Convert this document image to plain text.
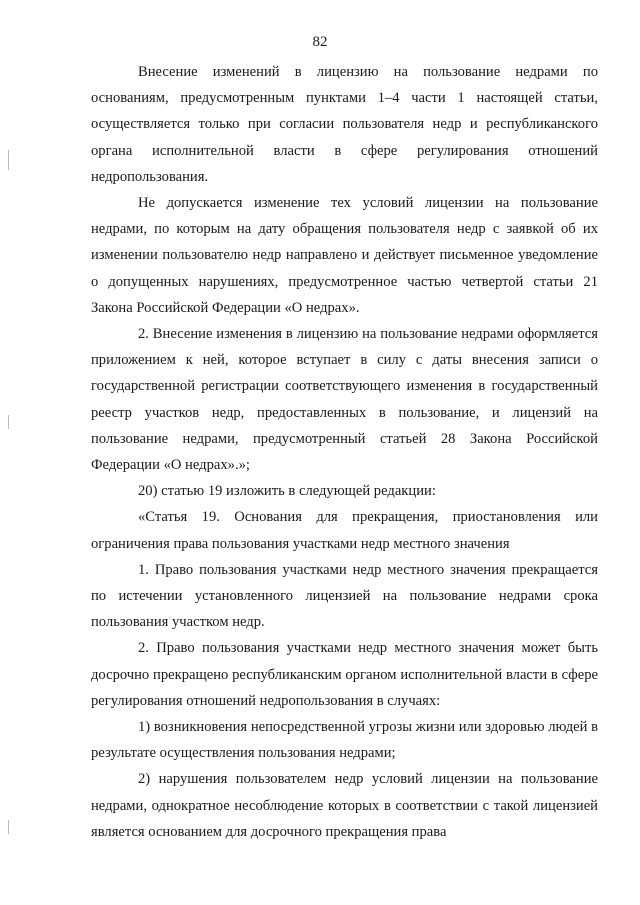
82

Внесение изменений в лицензию на пользование недрами по основаниям, предусмотренным пунктами 1–4 части 1 настоящей статьи, осуществляется только при согласии пользователя недр и республиканского органа исполнительной власти в сфере регулирования отношений недропользования.

Не допускается изменение тех условий лицензии на пользование недрами, по которым на дату обращения пользователя недр с заявкой об их изменении пользователю недр направлено и действует письменное уведомление о допущенных нарушениях, предусмотренное частью четвертой статьи 21 Закона Российской Федерации «О недрах».

2. Внесение изменения в лицензию на пользование недрами оформляется приложением к ней, которое вступает в силу с даты внесения записи о государственной регистрации соответствующего изменения в государственный реестр участков недр, предоставленных в пользование, и лицензий на пользование недрами, предусмотренный статьей 28 Закона Российской Федерации «О недрах».»;

20) статью 19 изложить в следующей редакции:

«Статья 19. Основания для прекращения, приостановления или ограничения права пользования участками недр местного значения

1. Право пользования участками недр местного значения прекращается по истечении установленного лицензией на пользование недрами срока пользования участком недр.

2. Право пользования участками недр местного значения может быть досрочно прекращено республиканским органом исполнительной власти в сфере регулирования отношений недропользования в случаях:

1) возникновения непосредственной угрозы жизни или здоровью людей в результате осуществления пользования недрами;

2) нарушения пользователем недр условий лицензии на пользование недрами, однократное несоблюдение которых в соответствии с такой лицензией является основанием для досрочного прекращения права
